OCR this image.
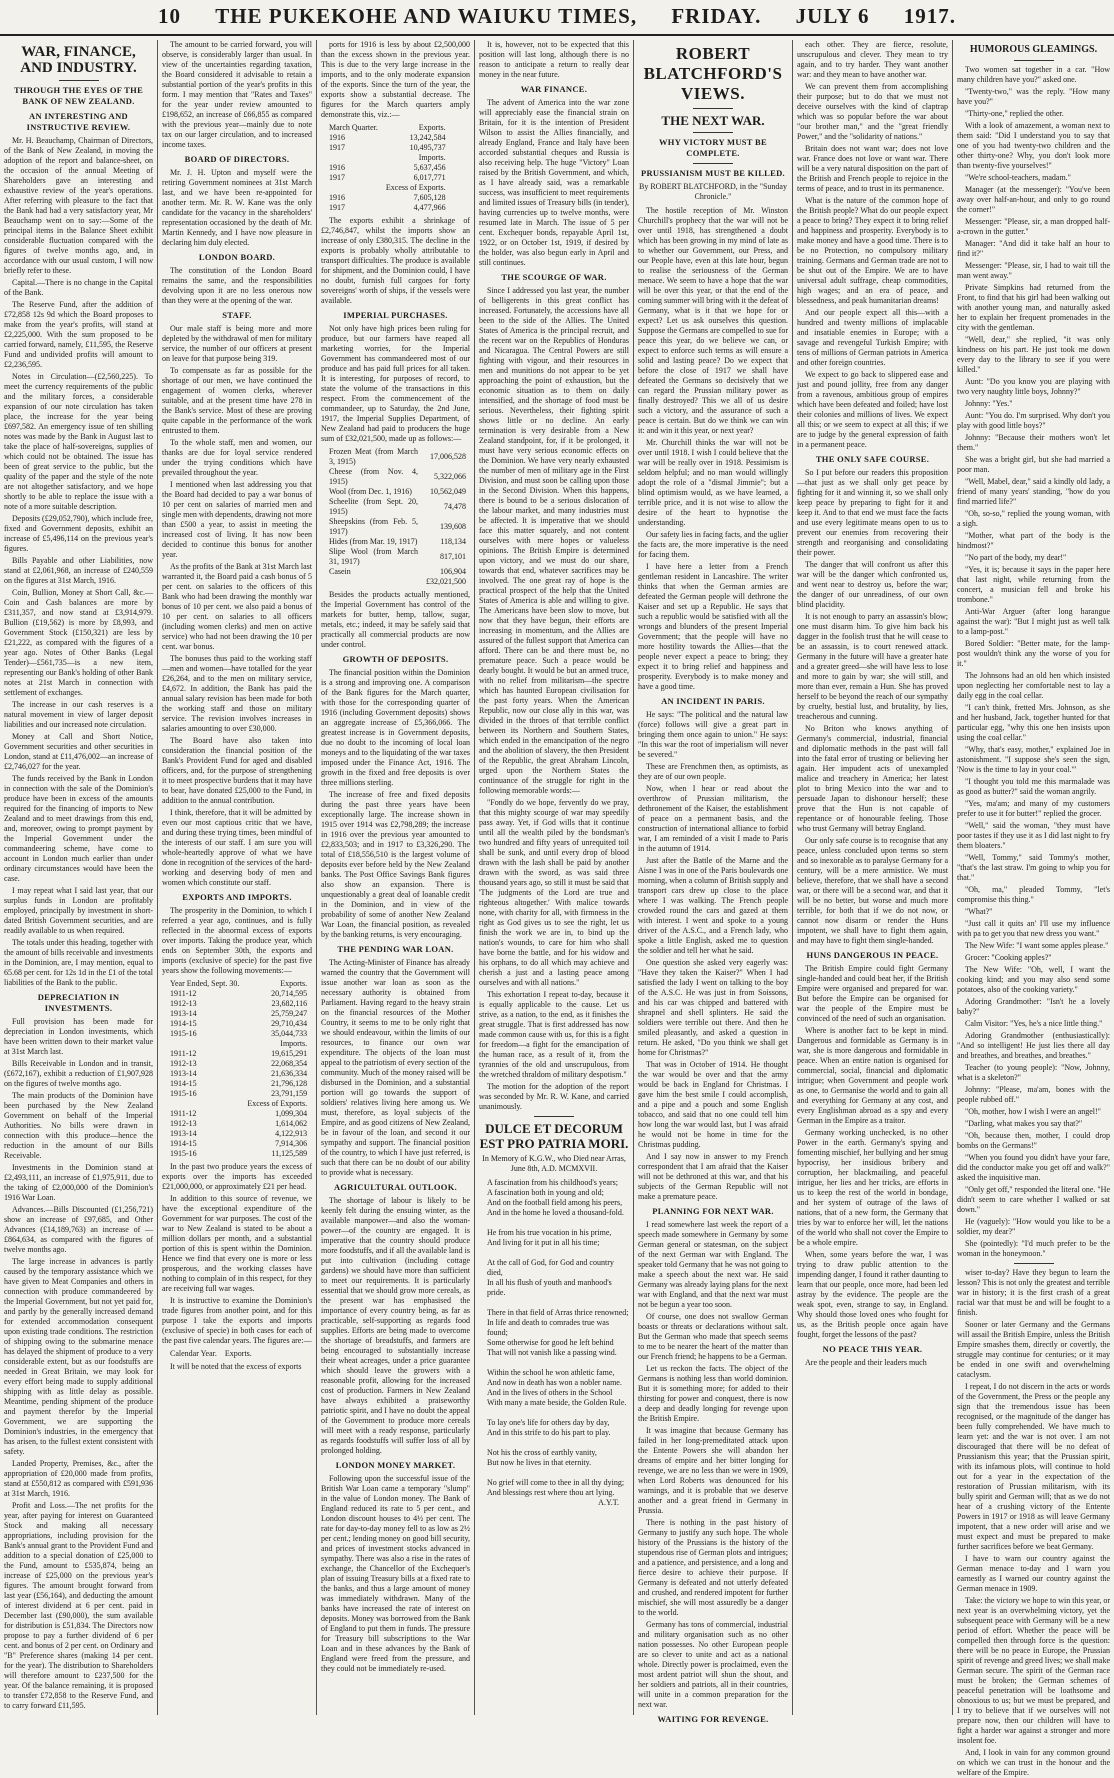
10 THE PUKEKOHE AND WAIUKU TIMES, FRIDAY. JULY 6 1917.
WAR, FINANCE, AND INDUSTRY.
THROUGH THE EYES OF THE BANK OF NEW ZEALAND.
AN INTERESTING AND INSTRUCTIVE REVIEW.

Mr. H. Beauchamp, Chairman of Directors, of the Bank of New Zealand, in moving the adoption of the report and balance-sheet, on the occasion of the annual Meeting of Shareholders gave an interesting and exhaustive review of the year's operations. After referring with pleasure to the fact that the Bank had had a very satisfactory year, Mr Beauchamp went on to say:—Some of the principal items in the Balance Sheet exhibit considerable fluctuation compared with the figures of twelve months ago, and, in accordance with our usual custom, I will now briefly refer to these.

Capital.—There is no change in the Capital of the Bank.

The Reserve Fund, after the addition of £72,858 12s 9d which the Board proposes to make from the year's profits, will stand at £2,225,000. With the sum proposed to be carried forward, namely, £11,595, the Reserve Fund and undivided profits will amount to £2,236,595.

Notes in Circulation—(£2,560,225). To meet the currency requirements of the public and the military forces, a considerable expansion of our note circulation has taken place, the increase for the year being £697,582. An emergency issue of ten shilling notes was made by the Bank in August last to take the place of half-sovereigns, supplies of which could not be obtained. The issue has been of great service to the public, but the quality of the paper and the style of the note are not altogether satisfactory, and we hope shortly to be able to replace the issue with a note of a more suitable description.

Deposits (£29,052,790), which include free, fixed and Government deposits, exhibit an increase of £5,496,114 on the previous year's figures.

Bills Payable and other Liabilities, now stand at £2,061,968, an increase of £240,559 on the figures at 31st March, 1916.

Coin, Bullion, Money at Short Call, &c.—Coin and Cash balances are more by £311,357, and now stand at £3,914,979. Bullion (£19,562) is more by £8,993, and Government Stock (£150,321) are less by £21,222, as compared with the figures of a year ago. Notes of Other Banks (Legal Tender)—£561,735—is a new item, representing our Bank's holding of other Bank notes at 21st March in connection with settlement of exchanges.

The increase in our cash reserves is a natural movement in view of larger deposit liabilities and our increased note circulation.

Money at Call and Short Notice, Government securities and other securities in London, stand at £11,476,002—an increase of £2,746,027 for the year.

The funds received by the Bank in London in connection with the sale of the Dominion's produce have been in excess of the amounts required for the financing of imports to New Zealand and to meet drawings from this end, and, moreover, owing to prompt payment by the Imperial Government under the commandeering scheme, have come to account in London much earlier than under ordinary circumstances would have been the case.

I may repeat what I said last year, that our surplus funds in London are profitably employed, principally by investment in short-dated British Government securities, and are readily available to us when required.

The totals under this heading, together with the amount of bills receivable and investments in the Dominion, are, I may mention, equal to 65.68 per cent. for 12s 1d in the £1 of the total liabilities of the Bank to the public.

DEPRECIATION IN INVESTMENTS.

Full provision has been made for depreciation in London investments, which have been written down to their market value at 31st March last.

Bills Receivable in London and in transit, (£672,167), exhibit a reduction of £1,907,928 on the figures of twelve months ago.

The main products of the Dominion have been purchased by the New Zealand Government on behalf of the Imperial Authorities. No bills were drawn in connection with this produce—hence the reduction in the amount of our Bills Receivable.

Investments in the Dominion stand at £2,493,111, an increase of £1,975,911, due to the taking of £2,000,000 of the Dominion's 1916 War Loan.

Advances.—Bills Discounted (£1,256,721) show an increase of £97,685, and Other Advances (£14,189,763) an increase of —£864,634, as compared with the figures of twelve months ago.

The large increase in advances is partly caused by the temporary assistance which we have given to Meat Companies and others in connection with produce commandeered by the Imperial Government, but not yet paid for, and partly by the generally increased demand for extended accommodation consequent upon existing trade conditions. The restriction of shipping owing to the submarine menace has delayed the shipment of produce to a very considerable extent, but as our foodstuffs are needed in Great Britain, we may look for every effort being made to supply additional shipping with as little delay as possible. Meantime, pending shipment of the produce and payment therefor by the Imperial Government, we are supporting the Dominion's industries, in the emergency that has arisen, to the fullest extent consistent with safety.

Landed Property, Premises, &c., after the appropriation of £20,000 made from profits, stand at £550,812 as compared with £591,936 at 31st March, 1916.

Profit and Loss.—The net profits for the year, after paying for interest on Guaranteed Stock and making all necessary appropriations, including provision for the Bank's annual grant to the Provident Fund and addition to a special donation of £25,000 to the Fund, amount to £535,874, being an increase of £25,000 on the previous year's figures. The amount brought forward from last year (£56,164), and deducting the amount of interest dividend at 6 per cent. paid in December last (£90,000), the sum available for distribution is £51,834. The Directors now propose to pay a further dividend of 6 per cent. and bonus of 2 per cent. on Ordinary and "B" Preference shares (making 14 per cent. for the year). The distribution to Shareholders will therefore amount to £237,500 for the year. Of the balance remaining, it is proposed to transfer £72,858 to the Reserve Fund, and to carry forward £11,595.

The amount to be carried forward, you will observe, is considerably larger than usual. In view of the uncertainties regarding taxation, the Board considered it advisable to retain a substantial portion of the year's profits in this form. I may mention that "Rates and Taxes" for the year under review amounted to £198,652, an increase of £66,855 as compared with the previous year—mainly due to note tax on our larger circulation, and to increased income taxes.

BOARD OF DIRECTORS.

Mr. J. H. Upton and myself were the retiring Government nominees at 31st March last, and we have been re-appointed for another term. Mr. R. W. Kane was the only candidate for the vacancy in the shareholders' representation occasioned by the death of Mr. Martin Kennedy, and I have now pleasure in declaring him duly elected.

LONDON BOARD.

The constitution of the London Board remains the same, and the responsibilities devolving upon it are no less onerous now than they were at the opening of the war.

STAFF.

Our male staff is being more and more depleted by the withdrawal of men for military service, the number of our officers at present on leave for that purpose being 319.

To compensate as far as possible for the shortage of our men, we have continued the engagement of women clerks, wherever suitable, and at the present time have 278 in the Bank's service. Most of these are proving quite capable in the performance of the work entrusted to them.

To the whole staff, men and women, our thanks are due for loyal service rendered under the trying conditions which have prevailed throughout the year.

I mentioned when last addressing you that the Board had decided to pay a war bonus of 10 per cent on salaries of married men and single men with dependents, drawing not more than £500 a year, to assist in meeting the increased cost of living. It has now been decided to continue this bonus for another year.

As the profits of the Bank at 31st March last warranted it, the Board paid a cash bonus of 5 per cent. on salaries to the officers of this Bank who had been drawing the monthly war bonus of 10 per cent. we also paid a bonus of 10 per cent. on salaries to all officers (including women clerks) and men on active service) who had not been drawing the 10 per cent. war bonus.

The bonuses thus paid to the working staff—men and women—have totalled for the year £26,264, and to the men on military service, £4,672. In addition, the Bank has paid the annual salary revision has been made for both the working staff and those on military service. The revision involves increases in salaries amounting to over £30,000.

The Board have also taken into consideration the financial position of the Bank's Provident Fund for aged and disabled officers, and, for the purpose of strengthening it to meet prospective burdens that it may have to bear, have donated £25,000 to the Fund, in addition to the annual contribution.

I think, therefore, that it will be admitted by even our most captious critic that we have, and during these trying times, been mindful of the interests of our staff. I am sure you will whole-heartedly approve of what we have done in recognition of the services of the hard-working and deserving body of men and women which constitute our staff.

EXPORTS AND IMPORTS.

The prosperity in the Dominion, to which I referred a year ago, continues, and is fully reflected in the abnormal excess of exports over imports. Taking the produce year, which ends on September 30th, the exports and imports (exclusive of specie) for the past five years show the following movements:—

Year Ended, Sept. 30.	Exports.
1911-12	20,714,595
1912-13	23,682,116
1913-14	25,759,247
1914-15	29,710,434
1915-16	35,044,733
	Imports.
1911-12	19,615,291
1912-13	22,068,354
1913-14	21,636,334
1914-15	21,796,128
1915-16	23,791,159
	Excess of Exports.
1911-12	1,099,304
1912-13	1,614,062
1913-14	4,122,913
1914-15	7,914,306
1915-16	11,125,589

In the past two produce years the excess of exports over the imports has exceeded £21,000,000, or approximately £21 per head.

In addition to this source of revenue, we have the exceptional expenditure of the Government for war purposes. The cost of the war to New Zealand is stated to be about a million dollars per month, and a substantial portion of this is spent within the Dominion. Hence we find that every one is more or less prosperous, and the working classes have nothing to complain of in this respect, for they are receiving full war wages.

It is instructive to examine the Dominion's trade figures from another point, and for this purpose I take the exports and imports (exclusive of specie) in both cases for each of the past five calendar years. The figures are:—

Calendar Year.	Exports.

It will be noted that the excess of exports

ports for 1916 is less by about £2,500,000 than the excess shown in the previous year. This is due to the very large increase in the imports, and to the only moderate expansion of the exports. Since the turn of the year, the exports show a substantial decrease. The figures for the March quarters amply demonstrate this, viz.:—

March Quarter.	Exports.
1916	13,242,584
1917	10,495,737
	Imports.
1916	5,637,456
1917	6,017,771
	Excess of Exports.
1916	7,605,128
1917	4,477,966

The exports exhibit a shrinkage of £2,746,847, whilst the imports show an increase of only £380,315. The decline in the exports is probably wholly attributable to transport difficulties. The produce is available for shipment, and the Dominion could, I have no doubt, furnish full cargoes for forty sovereigns' worth of ships, if the vessels were available.

IMPERIAL PURCHASES.

Not only have high prices been ruling for produce, but our farmers have reaped all marketing worries, for the Imperial Government has commandeered most of our produce and has paid full prices for all taken. It is interesting, for purposes of record, to state the volume of the transactions in this respect. From the commencement of the commandeer, up to Saturday, the 2nd June, 1917, the Imperial Supplies Department, of New Zealand had paid to producers the huge sum of £32,021,500, made up as follows:—

Frozen Meat (from March 3, 1915)	17,006,528
Cheese (from Nov. 4, 1915)	5,322,066
Wool (from Dec. 1, 1916)	10,562,049
Scheelite (from Sept. 20, 1915)	74,478
Sheepskins (from Feb. 5, 1917)	139,608
Hides (from Mar. 19, 1917)	118,134
Slipe Wool (from March 31, 1917)	817,101
Casein	106,904
	£32,021,500

Besides the products actually mentioned, the Imperial Government has control of the markets for butter, hemp, tallow, sugar, metals, etc.; indeed, it may be safely said that practically all commercial products are now under control.

GROWTH OF DEPOSITS.

The financial position within the Dominion is a strong and improving one. A comparison of the Bank figures for the March quarter, with those for the corresponding quarter of 1916 (including Government deposits) shows an aggregate increase of £5,366,066. The greatest increase is in Government deposits, due no doubt to the incoming of local loan moneys and to the liquidating of the war taxes imposed under the Finance Act, 1916. The growth in the fixed and free deposits is over three millions sterling.

The increase of free and fixed deposits during the past three years have been exceptionally large. The increase shown in 1915 over 1914 was £2,798,289; the increase in 1916 over the previous year amounted to £2,833,503; and in 1917 to £3,326,290. The total of £18,556,510 is the largest volume of deposits ever before held by the New Zealand banks. The Post Office Savings Bank figures also show an expansion. There is unquestionably a great deal of loanable credit in the Dominion, and in view of the probability of some of another New Zealand War Loan, the financial position, as revealed by the banking returns, is very encouraging.

THE PENDING WAR LOAN.

The Acting-Minister of Finance has already warned the country that the Government will issue another war loan as soon as the necessary authority is obtained from Parliament. Having regard to the heavy strain on the financial resources of the Mother Country, it seems to me to be only right that we should endeavour, within the limits of our resources, to finance our own war expenditure. The objects of the loan must appeal to the patriotism of every section of the community. Much of the money raised will be disbursed in the Dominion, and a substantial portion will go towards the support of soldiers' relatives living here among us. We must, therefore, as loyal subjects of the Empire, and as good citizens of New Zealand, be in favour of the loan, and second it our sympathy and support. The financial position of the country, to which I have just referred, is such that there can be no doubt of our ability to provide what is necessary.

AGRICULTURAL OUTLOOK.

The shortage of labour is likely to be keenly felt during the ensuing winter, as the available manpower—and also the woman-power—of the country are engaged. It is imperative that the country should produce more foodstuffs, and if all the available land is put into cultivation (including cottage gardens) we should have more than sufficient to meet our requirements. It is particularly essential that we should grow more cereals, as the present war has emphasised the importance of every country being, as far as practicable, self-supporting as regards food supplies. Efforts are being made to overcome the shortage of breadstuffs, and farmers are being encouraged to substantially increase their wheat acreages, under a price guarantee which should leave the growers with a reasonable profit, allowing for the increased cost of production. Farmers in New Zealand have always exhibited a praiseworthy patriotic spirit, and I have no doubt the appeal of the Government to produce more cereals will meet with a ready response, particularly as regards foodstuffs will suffer loss of all by prolonged holding.

LONDON MONEY MARKET.

Following upon the successful issue of the British War Loan came a temporary "slump" in the value of London money. The Bank of England reduced its rate to 5 per cent., and London discount houses to 4½ per cent. The rate for day-to-day money fell to as low as 2½ per cent.; lending money on good bill security, and prices of investment stocks advanced in sympathy. There was also a rise in the rates of exchange, the Chancellor of the Exchequer's plan of issuing Treasury bills at a fixed rate to the banks, and thus a large amount of money was immediately withdrawn. Many of the banks have increased the rate of interest on deposits. Money was borrowed from the Bank of England to put them in funds. The pressure for Treasury bill subscriptions to the War Loan and in these advances by the Bank of England were freed from the pressure, and they could not be immediately re-used.

It is, however, not to be expected that this position will last long, although there is no reason to anticipate a return to really dear money in the near future.

WAR FINANCE.

The advent of America into the war zone will appreciably ease the financial strain on Britain, for it is the intention of President Wilson to assist the Allies financially, and already England, France and Italy have been accorded substantial cheques and Russia is also receiving help. The huge "Victory" Loan raised by the British Government, and which, as I have already said, was a remarkable success, was insufficient to meet requirements and limited issues of Treasury bills (in tender), having currencies up to twelve months, were resumed late in March. The issue of 5 per cent. Exchequer bonds, repayable April 1st, 1922, or on October 1st, 1919, if desired by the holder, was also begun early in April and still continues.

THE SCOURGE OF WAR.

Since I addressed you last year, the number of belligerents in this great conflict has increased. Fortunately, the accessions have all been to the side of the Allies. The United States of America is the principal recruit, and the recent war on the Republics of Honduras and Nicaragua. The Central Powers are still fighting with vigour, and their resources in men and munitions do not appear to be yet approaching the point of exhaustion, but the economic situation as to them on daily intensified, and the shortage of food must be serious. Nevertheless, their fighting spirit shows little or no decline. An early termination is very desirable from a New Zealand standpoint, for, if it be prolonged, it must have very serious economic effects on the Dominion. We have very nearly exhausted the number of men of military age in the First Division, and must soon be calling upon those in the Second Division. When this happens, there is bound to be a serious dislocation of the labour market, and many industries must be affected. It is imperative that we should face this matter squarely, and not content ourselves with mere hopes or valueless opinions. The British Empire is determined upon victory, and we must do our share, towards that end, whatever sacrifices may be involved. The one great ray of hope is the practical prospect of the help that the United States of America is able and willing to give. The Americans have been slow to move, but now that they have begun, their efforts are increasing in momentum, and the Allies are assured of the fullest support that America can afford. There can be and there must be, no premature peace. Such a peace would be dearly bought. It would be but an armed truce, with no relief from militarism—the spectre which has haunted European civilisation for the past forty years. When the American Republic, now our close ally in this war, was divided in the throes of that terrible conflict between its Northern and Southern States, which ended in the emancipation of the negro and the abolition of slavery, the then President of the Republic, the great Abraham Lincoln, urged upon the Northern States the continuance of the struggle for right in the following memorable words:—

"Fondly do we hope, fervently do we pray, that this mighty scourge of war may speedily pass away. Yet, if God wills that it continue until all the wealth piled by the bondsman's two hundred and fifty years of unrequited toil shall be sunk, and until every drop of blood drawn with the lash shall be paid by another drawn with the sword, as was said three thousand years ago, so still it must be said that 'The judgments of the Lord are true and righteous altogether.' With malice towards none, with charity for all, with firmness in the right as God gives us to see the right, let us finish the work we are in, to bind up the nation's wounds, to care for him who shall have borne the battle, and for his widow and his orphans, to do all which may achieve and cherish a just and a lasting peace among ourselves and with all nations."

This exhortation I repeat to-day, because it is equally applicable to the cause. Let us strive, as a nation, to the end, as it finishes the great struggle. That is first addressed has now made common cause with us, for this is a fight for freedom—a fight for the emancipation of the human race, as a result of it, from the tyrannies of the old and unscrupulous, from the wretched thraldom of military despotism."

The motion for the adoption of the report was seconded by Mr. R. W. Kane, and carried unanimously.

DULCE ET DECORUM EST PRO PATRIA MORI.
In Memory of K.G.W., who Died near Arras, June 8th, A.D. MCMXVII.
A fascination from his childhood's years;
A fascination both in young and old;
And on the football field among his peers,
And in the home he loved a thousand-fold.
He from his true vocation in his prime,
And living for it put in all his time;
At the call of God, for God and country died,
In all his flush of youth and manhood's pride.
There in that field of Arras thrice renowned;
In life and death to comrades true was found;
Some otherwise for good he left behind
That will not vanish like a passing wind.
Within the school he won athletic fame,
And now in death has won a nobler name.
And in the lives of others in the School
With many a mate beside, the Golden Rule.
To lay one's life for others day by day,
And in this strife to do his part to play.
Not his the cross of earthly vanity,
But now he lives in that eternity.
No grief will come to thee in all thy dying;
And blessings rest where thou art lying.
A.Y.T.
ROBERT BLATCHFORD'S VIEWS.
THE NEXT WAR.
WHY VICTORY MUST BE COMPLETE.
PRUSSIANISM MUST BE KILLED.
By ROBERT BLATCHFORD, in the "Sunday Chronicle."

The hostile reception of Mr. Winston Churchill's prophecy that the war will not be over until 1918, has strengthened a doubt which has been growing in my mind of late as to whether our Government, our Press, and our People have, even at this late hour, begun to realise the seriousness of the German menace. We seem to have a hope that the war will be over this year, or that the end of the coming summer will bring with it the defeat of Germany, what is it that we hope for or expect? Let us ask ourselves this question. Suppose the Germans are compelled to sue for peace this year, do we believe we can, or expect to enforce such terms as will ensure a solid and lasting peace? Do we expect that before the close of 1917 we shall have defeated the Germans so decisively that we can regard the Prussian military power as finally destroyed? This we all of us desire such a victory, and the assurance of such a peace is certain. But do we think we can win it: and win it this year, or next year?

Mr. Churchill thinks the war will not be over until 1918. I wish I could believe that the war will be really over in 1918. Pessimism is seldom helpful; and no man would willingly adopt the role of a "dismal Jimmie"; but a blind optimism would, as we have learned, a terrible price, and it is not wise to allow the desire of the heart to hypnotise the understanding.

Our safety lies in facing facts, and the uglier the facts are, the more imperative is the need for facing them.

I have here a letter from a French gentleman resident in Lancashire. The writer thinks that when the German armies are defeated the German people will dethrone the Kaiser and set up a Republic. He says that such a republic would be satisfied with all the wrongs and blunders of the present Imperial Government; that the people will have no more hostility towards the Allies—that the people never expect a peace to bring; they expect it to bring relief and happiness and prosperity. Everybody is to make money and have a good time.

AN INCIDENT IN PARIS.

He says: "The political and the natural law (force) follows will give a great part in bringing them once again to union." He says: "In this war the root of imperialism will never be severed."

These are Frenchmen then, as optimists, as they are of our own people.

Now, when I hear or read about the overthrow of Prussian militarism, the dethronement of the Kaiser, the establishment of peace on a permanent basis, and the construction of international alliance to forbid war, I am reminded of a visit I made to Paris in the autumn of 1914.

Just after the Battle of the Marne and the Aisne I was in one of the Paris boulevards one morning, when a column of British supply and transport cars drew up close to the place where I was walking. The French people crowded round the cars and gazed at them with interest. I went and spoke to a young driver of the A.S.C., and a French lady, who spoke a little English, asked me to question the soldier and tell her what he said.

One question she asked very eagerly was: "Have they taken the Kaiser?" When I had satisfied the lady I went on talking to the boy of the A.S.C. He was just in from Soissons, and his car was chipped and battered with shrapnel and shell splinters. He said the soldiers were terrible out there. And then he smiled pleasantly, and asked a question in return. He asked, "Do you think we shall get home for Christmas?"

That was in October of 1914. He thought the war would be over and that the army would be back in England for Christmas. I gave him the best smile I could accomplish, and a pipe and a pouch and some English tobacco, and said that no one could tell him how long the war would last, but I was afraid he would not be home in time for the Christmas pudding.

And I say now in answer to my French correspondent that I am afraid that the Kaiser will not be dethroned at this war, and that his subjects of the German Republic will not make a premature peace.

PLANNING FOR NEXT WAR.

I read somewhere last week the report of a speech made somewhere in Germany by some German general or statesman, on the subject of the next German war with England. The speaker told Germany that he was not going to make a speech about the next war. He said Germany was already laying plans for the next war with England, and that the next war must not be begun a year too soon.

Of course, one does not swallow German boasts or threats or declarations without salt. But the German who made that speech seems to me to be nearer the heart of the matter than our French friend; he happens to be a German.

Let us reckon the facts. The object of the Germans is nothing less than world dominion. But it is something more; for added to their thirsting for power and conquest, there is now a deep and deadly longing for revenge upon the British Empire.

It was imagine that because Germany has failed in her long-premeditated attack upon the Entente Powers she will abandon her dreams of empire and her bitter longing for revenge, we are no less than we were in 1909, when Lord Roberts was denounced for his warnings, and it is probable that we deserve another and a great friend in Germany in Prussia.

There is nothing in the past history of Germany to justify any such hope. The whole history of the Prussians is the history of the stupendous rise of German plots and intrigues; and a patience, and persistence, and a long and fierce desire to achieve their purpose. If Germany is defeated and not utterly defeated and crushed, and rendered impotent for further mischief, she will most assuredly be a danger to the world.

Germany has tons of commercial, industrial and military organisation such as no other nation possesses. No other European people are so clever to unite and act as a national whole. Directly power is proclaimed, even the most ardent patriot will shun the shout, and her soldiers and patriots, all in their countries, will unite in a common preparation for the next war.

WAITING FOR REVENGE.

each other. They are fierce, resolute, unscrupulous and clever. They mean to try again, and to try harder. They want another war: and they mean to have another war.

We can prevent them from accomplishing their purpose; but to do that we must not deceive ourselves with the kind of claptrap which was so popular before the war about "our brother man," and the "great friendly Power," and the "solidarity of nations."

Britain does not want war; does not love war. France does not love or want war. There will be a very natural disposition on the part of the British and French people to rejoice in the terms of peace, and to trust in its permanence.

What is the nature of the common hope of the British people? What do our people expect a peace to bring? They expect it to bring relief and happiness and prosperity. Everybody is to make money and have a good time. There is to be no Protection, no compulsory military training. Germans and German trade are not to be shut out of the Empire. We are to have universal adult suffrage, cheap commodities, high wages; and an era of peace, and blessedness, and peak humanitarian dreams!

And our people expect all this—with a hundred and twenty millions of implacable and insatiable enemies in Europe; with a savage and revengeful Turkish Empire; with tens of millions of German patriots in America and other foreign countries.

We expect to go back to slippered ease and just and pound jollity, free from any danger from a ravenous, ambitious group of empires which have been defeated and foiled; have lost their colonies and millions of lives. We expect all this; or we seem to expect at all this; if we are to judge by the general expression of faith in a permanent peace.

THE ONLY SAFE COURSE.

So I put before our readers this proposition—that just as we shall only get peace by fighting for it and winning it, so we shall only keep peace by preparing to fight for it and keep it. And to that end we must face the facts and use every legitimate means open to us to prevent our enemies from recovering their strength and reorganising and consolidating their power.

The danger that will confront us after this war will be the danger which confronted us, and went near to destroy us, before the war; the danger of our unreadiness, of our own blind placidity.

It is not enough to parry an assassin's blow; one must disarm him. To give him back his dagger in the foolish trust that he will cease to be an assassin, is to court renewed attack. Germany in the future will have a greater hate and a greater greed—she will have less to lose and more to gain by war; she will still, and more than ever, remain a Hun. She has proved herself to be beyond the reach of our sympathy by cruelty, bestial lust, and brutality, by lies, treacherous and cunning.

No Briton who knows anything of Germany's commercial, industrial, financial and diplomatic methods in the past will fall into the fatal error of trusting or believing her again. Her impudent acts of unexampled malice and treachery in America; her latest plot to bring Mexico into the war and to persuade Japan to dishonour herself; these prove that the Hun is not capable of repentance or of honourable feeling. Those who trust Germany will betray England.

Our only safe course is to recognise that any peace, unless concluded upon terms so stern and so inexorable as to paralyse Germany for a century, will be a mere armistice. We must believe, therefore, that we shall have a second war, or there will be a second war, and that it will be no better, but worse and much more terrible, for both that if we do not now, or cannot now disarm or render the Huns impotent, we shall have to fight them again, and may have to fight them single-handed.

HUNS DANGEROUS IN PEACE.

The British Empire could fight Germany single-handed and could beat her, if the British Empire were organised and prepared for war. But before the Empire can be organised for war the people of the Empire must be convinced of the need of such an organisation.

Where is another fact to be kept in mind. Dangerous and formidable as Germany is in war, she is more dangerous and formidable in peace. When an entire nation is organised for commercial, social, financial and diplomatic intrigue; when Government and people work as one, to Germanise the world and to gain all and everything for Germany at any cost, and every Englishman abroad as a spy and every German in the Empire as a traitor.

Germany working unchecked, is no other Power in the earth. Germany's spying and fomenting mischief, her bullying and her smug hypocrisy, her insidious bribery and corruption, her blackmailing, and peaceful intrigue, her lies and her tricks, are efforts in us to keep the rest of the world in bondage, and her system of outrage of the laws of nations, that of a new form, the Germany that tries by war to enforce her will, let the nations of the world who shall not cover the Empire to be a whole empire.

When, some years before the war, I was trying to draw public attention to the impending danger, I found it rather daunting to learn that our people, once more, had been led astray by the evidence. The people are the weak spot, even, strange to say, in England. Why should those loved ones who fought for us, as the British people once again have fought, forget the lessons of the past?

NO PEACE THIS YEAR.

Are the people and their leaders much

HUMOROUS GLEAMINGS.

Two women sat together in a car. "How many children have you?" asked one.

"Twenty-two," was the reply. "How many have you?"

"Thirty-one," replied the other.

With a look of amazement, a woman next to them said: "Did I understand you to say that one of you had twenty-two children and the other thirty-one? Why, you don't look more than twenty-five yourselves!"

"We're school-teachers, madam."

Manager (at the messenger): "You've been away over half-an-hour, and only to go round the corner!"

Messenger: "Please, sir, a man dropped half-a-crown in the gutter."

Manager: "And did it take half an hour to find it?"

Messenger: "Please, sir, I had to wait till the man went away."

Private Simpkins had returned from the Front, to find that his girl had been walking out with another young man, and naturally asked her to explain her frequent promenades in the city with the gentleman.

"Well, dear," she replied, "it was only kindness on his part. He just took me down every day to the library to see if you were killed."

Aunt: "Do you know you are playing with two very naughty little boys, Johnny?"

Johnny: "Yes."

Aunt: "You do. I'm surprised. Why don't you play with good little boys?"

Johnny: "Because their mothers won't let them."

She was a bright girl, but she had married a poor man.

"Well, Mabel, dear," said a kindly old lady, a friend of many years' standing, "how do you find married life?"

"Oh, so-so," replied the young woman, with a sigh.

"Mother, what part of the body is the hindmost?"

"No part of the body, my dear!"

"Yes, it is; because it says in the paper here that last night, while returning from the concert, a musician fell and broke his trombone."

Anti-War Arguer (after long harangue against the war): "But I might just as well talk to a lamp-post."

Bored Soldier: "Better mate, for the lamp-post wouldn't think any the worse of you for it."

The Johnsons had an old hen which insisted upon neglecting her comfortable nest to lay a daily egg in the coal cellar.

"I can't think, fretted Mrs. Johnson, as she and her husband, Jack, together hunted for that particular egg, "why this one hen insists upon using the coal cellar."

"Why, that's easy, mother," explained Joe in astonishment. "I suppose she's seen the sign, 'Now is the time to lay in your coal.'"

"I thought you told me this marmalade was as good as butter?" said the woman angrily.

"Yes, ma'am; and many of my customers prefer to use it for butter!" replied the grocer.

"Well," said the woman, "they must have poor tastes if they use it as I did last night to fry them bloaters."

"Well, Tommy," said Tommy's mother, "that's the last straw. I'm going to whip you for that."

"Oh, ma," pleaded Tommy, "let's compromise this thing."

"What?"

"Just call it quits an' I'll use my influence with pa to get you that new dress you want."

The New Wife: "I want some apples please."

Grocer: "Cooking apples?"

The New Wife: "Oh, well, I want the cooking kind; and you may also send some potatoes, also of the cooking variety."

Adoring Grandmother: "Isn't he a lovely baby?"

Calm Visitor: "Yes, he's a nice little thing."

Adoring Grandmother (enthusiastically): "And so intelligent! He just lies there all day and breathes, and breathes, and breathes."

Teacher (to young people): "Now, Johnny, what is a skeleton?"

Johnny: "Please, ma'am, bones with the people rubbed off."

"Oh, mother, how I wish I were an angel!"

"Darling, what makes you say that?"

"Oh, because then, mother, I could drop bombs on the Germans!"

"When you found you didn't have your fare, did the conductor make you get off and walk?" asked the inquisitive man.

"Only get off," responded the literal one. "He didn't seem to care whether I walked or sat down."

He (vaguely): "How would you like to be a soldier, my dear?"

She (pointedly): "I'd much prefer to be the woman in the honeymoon."

wiser to-day? Have they begun to learn the lesson? This is not only the greatest and terrible war in history; it is the first crash of a great racial war that must be and will be fought to a finish.

Sooner or later Germany and the Germans will assail the British Empire, unless the British Empire smashes them, directly or covertly, the struggle may continue for centuries; or it may be ended in one swift and overwhelming cataclysm.

I repeat, I do not discern in the acts or words of the Government, the Press or the people any sign that the tremendous issue has been recognised, or the magnitude of the danger has been fully comprehended. We have much to learn yet: and the war is not over. I am not discouraged that there will be no defeat of Prussianism this year; that the Prussian spirit, with its infamous plots, will continue to hold out for a year in the expectation of the restoration of Prussian militarism, with its bully spirit and German will; that as we do not hear of a crushing victory of the Entente Powers in 1917 or 1918 as will leave Germany impotent, that a new order will arise and we must expect and must be prepared to make further sacrifices before we beat Germany.

I have to warn our country against the German menace to-day and I warn you earnestly as I warned our country against the German menace in 1909.

Take: the victory we hope to win this year, or next year is an overwhelming victory, yet the subsequent peace with Germany will be a new period of effort. Whether the peace will be compelled then through force is the question: there will be no peace in Europe, the Prussian spirit of revenge and greed lives; we shall make German secure. The spirit of the German race must be broken; the German schemes of peaceful penetration will be loathsome and obnoxious to us; but we must be prepared, and I try to believe that if we ourselves will not prepare now, then our children will have to fight a harder war against a stronger and more insolent foe.

And, I look in vain for any common ground on which we can trust in the honour and the welfare of the Empire.
